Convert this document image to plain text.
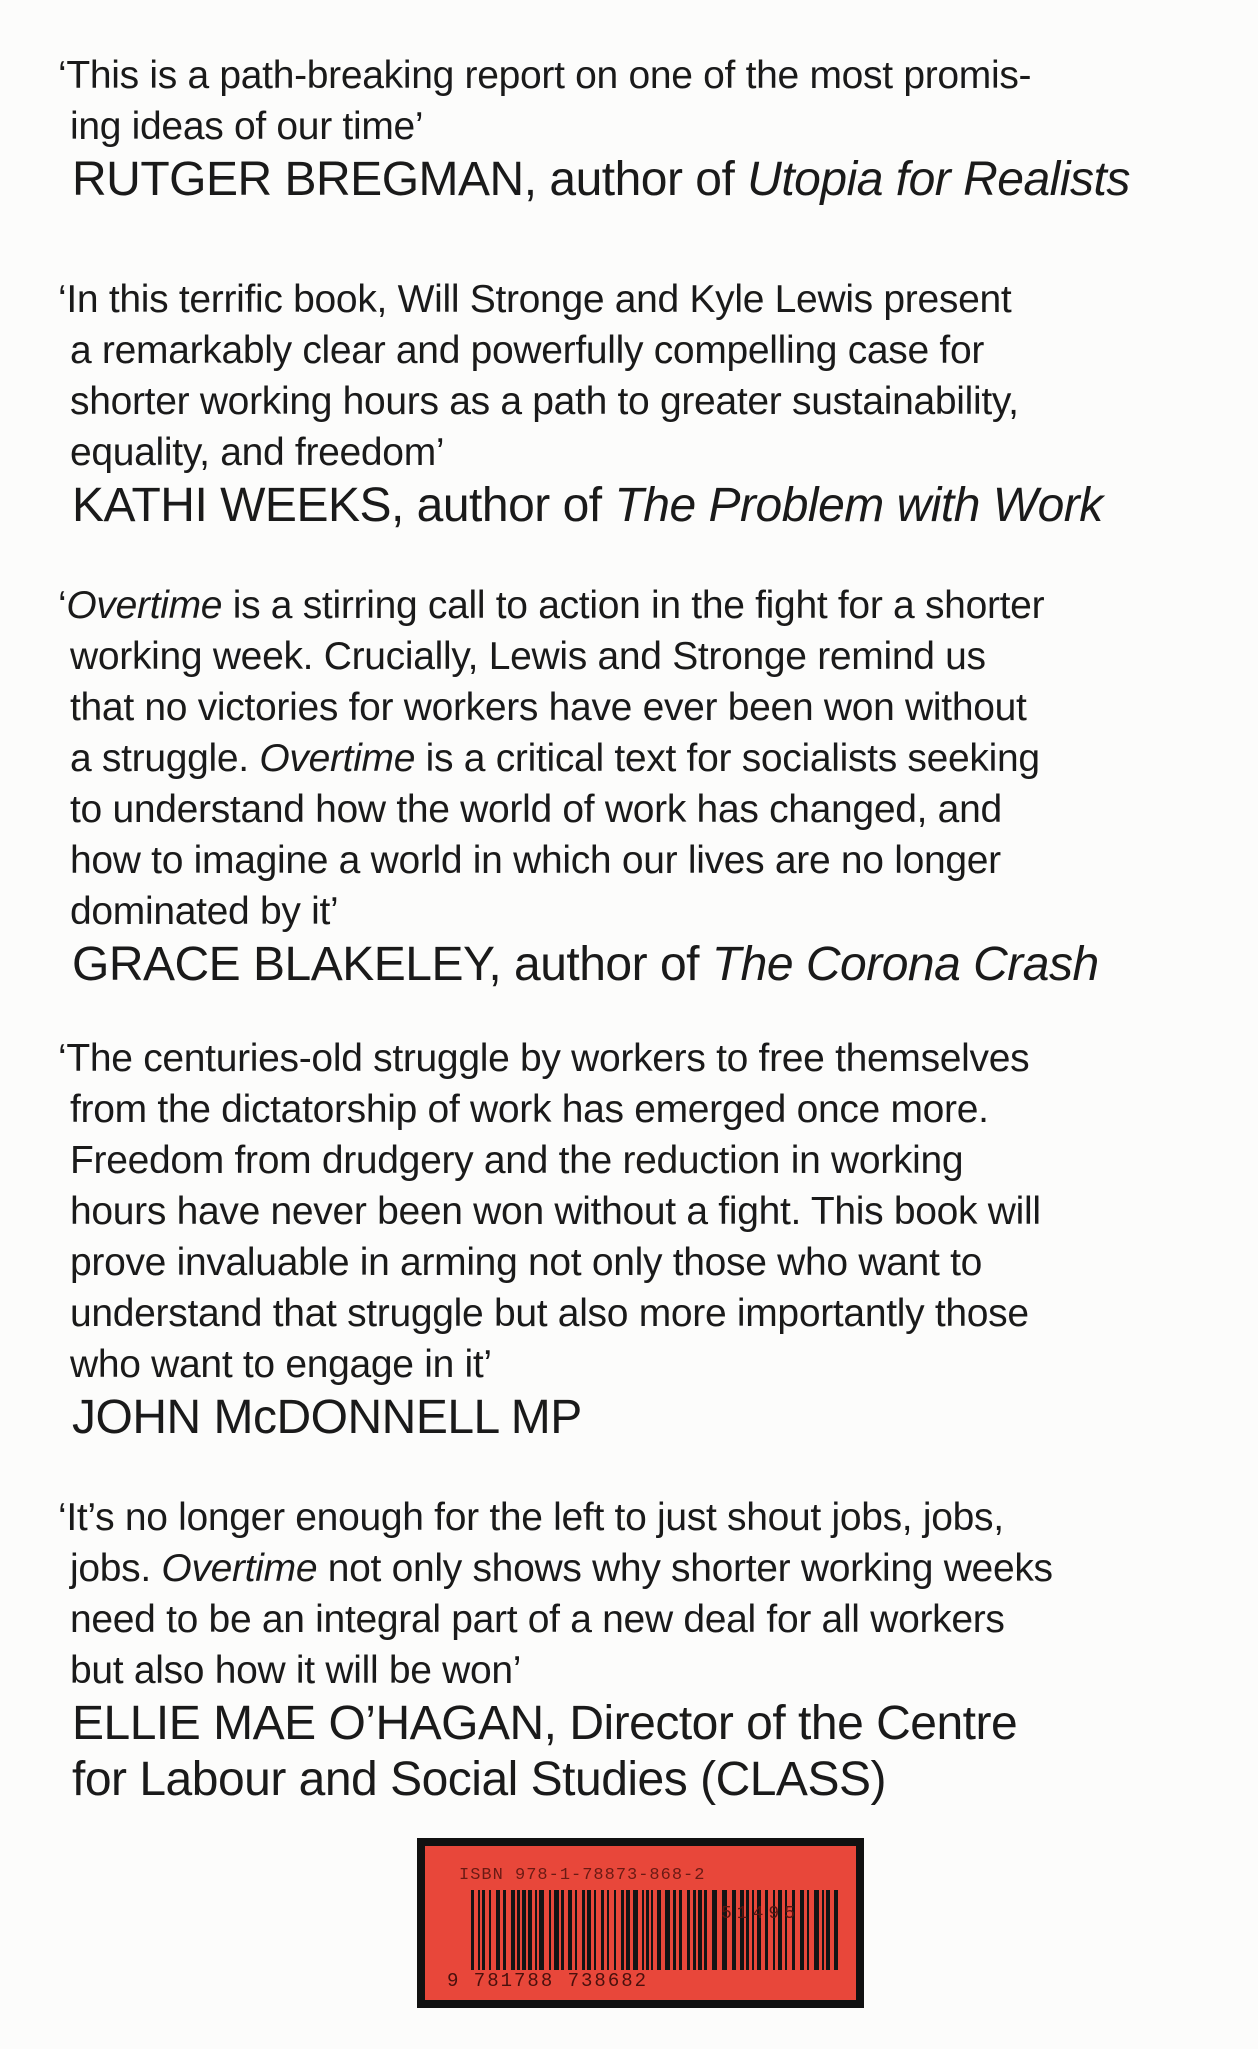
‘This is a path-breaking report on one of the most promis-
ing ideas of our time’

RUTGER BREGMAN, author of Utopia for Realists

‘In this terrific book, Will Stronge and Kyle Lewis present
a remarkably clear and powerfully compelling case for
shorter working hours as a path to greater sustainability,
equality, and freedom’

KATHI WEEKS, author of The Problem with Work

‘Overtime is a stirring call to action in the fight for a shorter
working week. Crucially, Lewis and Stronge remind us
that no victories for workers have ever been won without
a struggle. Overtime is a critical text for socialists seeking
to understand how the world of work has changed, and
how to imagine a world in which our lives are no longer
dominated by it’

GRACE BLAKELEY, author of The Corona Crash

‘The centuries-old struggle by workers to free themselves
from the dictatorship of work has emerged once more.
Freedom from drudgery and the reduction in working
hours have never been won without a fight. This book will
prove invaluable in arming not only those who want to
understand that struggle but also more importantly those
who want to engage in it’

JOHN McDONNELL MP

‘It’s no longer enough for the left to just shout jobs, jobs,
jobs. Overtime not only shows why shorter working weeks
need to be an integral part of a new deal for all workers
but also how it will be won’

ELLIE MAE O’HAGAN, Director of the Centre
for Labour and Social Studies (CLASS)

ISBN 978-1-78873-868-2
51495
9 781788 738682
